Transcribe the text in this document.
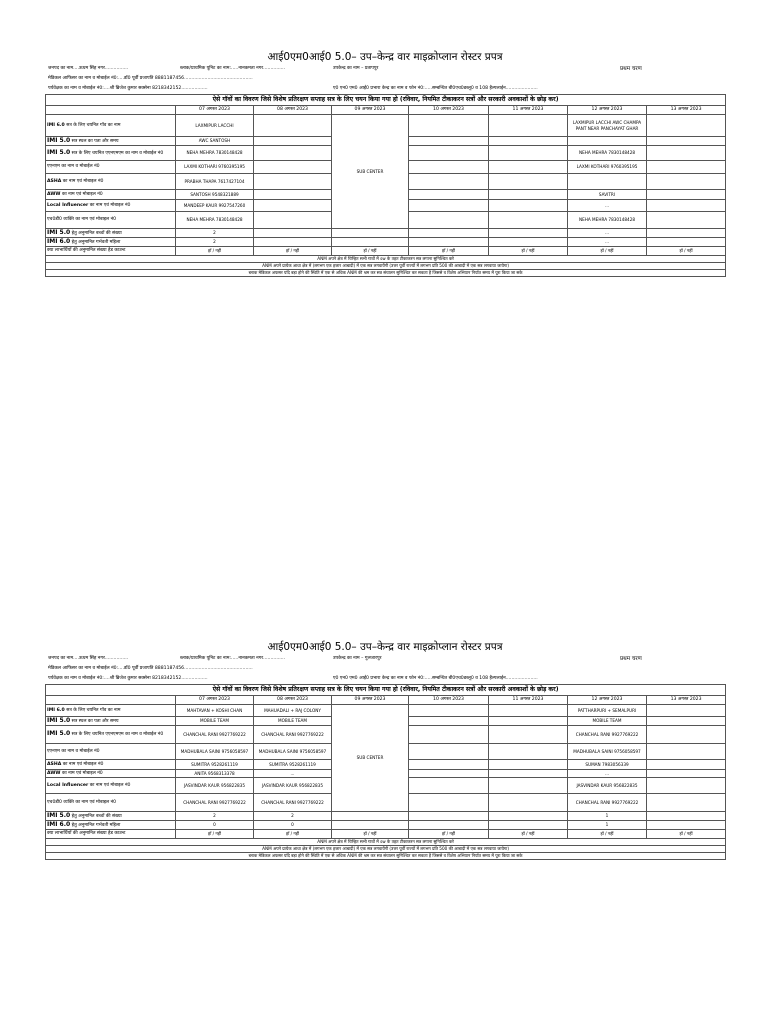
आई0एम0आई0 5.0– उप–केन्द्र वार माइक्रोप्लान रोस्टर प्रपत्र
जनपद का नाम....ऊधम सिंह नगर................	ब्लाक/प्राथमिक यूनिट का नाम:.....नानकमता नगर...............	उपकेन्द्र का नाम – प्रतापपुर	प्रथम चरण
मेडिकल आफिसर का नाम व मोबाईल नं0:....डॉ0 पूर्वी प्रजापति 8881187456...............................................
पर्यवेक्षक का नाम व मोबाईल नं0:....श्री ब्रिजेश कुमार सक्सेना 8218342152..................	ए0 एन0 एम0 आई0 प्रभारा केन्द्र का नाम व फोन नं0:.....सम्बन्धित बी0एच0डब्लू0 व 108 हैल्पलाईन......................
ऐसे गॉवों का विवरण जिसे विशेष प्रतिरक्षण सप्ताह सत्र के लिए चयन किया गया हो (रविवार, नियमित टीकाकरन सत्रों और सरकारी अवकाशों के छोड़ कर)							
	07 अगस्त 2023	08 अगस्त 2023	09 अगस्त 2023	10 अगस्त 2023	11 अगस्त 2023	12 अगस्त 2023	13 अगस्त 2023
IMI 6.0 सत्र के लिए चयनित गॉव का नाम	LAXMIPUR LACCHI		SUB CENTER			LAXMIPUR LACCHI AWC CHAMPA PANT NEAR PANCHAYAT GHAR	
IMI 5.0 सत्र स्थल का पता और समय	AWC SANTOSH						
IMI 5.0 सत्र के लिए चयनित एएनएमएम का नाम व मोबाईल नं0	NEHA MEHRA 7830148428					NEHA MEHRA 7830148428	
एएनएम का नाम व मोबाईल नं0	LAXMI KOTHARI 9760395195					LAXMI KOTHARI 9760395195	
ASHA का नाम एवं मोबाइल नं0	PRABHA THAPA 7617427104						
AWW का नाम एवं मोबाइल नं0	SANTOSH 9548321889					SAVITRI	
Local Influencer का नाम एवं मोबाइल नं0	MANDEEP KAUR 9927547260					...	
एच0डी0 व्यक्ति का नाम एवं मोबाइल नं0	NEHA MEHRA 7830148428					NEHA MEHRA 7830148428	
IMI 5.0 हेतु अनुमानित बच्चों की संख्या	2					...	
IMI 6.0 हेतु अनुमानित गर्भवती महिला	2					...	
क्या लाभार्थियों की अनुमानित संख्या हेड काउन्ट	हॉ / नहीं	हॉ / नहीं	हॉ / नहीं	हॉ / नहीं	हॉ / नहीं	हॉ / नहीं	हॉ / नहीं
ANM अपने क्षेत्र में चिन्हित सभी गावों में sw के तहत टीकाकरन सत्र लगाना सुनिश्चित करे							
ANM अपने प्रत्येक आधा क्षेत्र में (लगभग एक हजार आबादी) में एक सत्र लगवायेंगी (उत्तर पूर्वी राज्यों में लगभग प्रति 500 की आबादी में एक सत्र लगवाया जायेगा)							
ब्लाक मेडिकल अफसर यदि बड़ा होने की स्थिति में एक से अधिक ANM की भ्रम कर सत्र संचालन सुनिश्चित कर सकता है जिससे व विशेष अभियान निर्यात समय में पूरा किया जा सके							
आई0एम0आई0 5.0– उप–केन्द्र वार माइक्रोप्लान रोस्टर प्रपत्र
जनपद का नाम....ऊधम सिंह नगर................	ब्लाक/प्राथमिक यूनिट का नाम:.....नानकमता नगर...............	उपकेन्द्र का नाम – गुलजारपुर	प्रथम चरण
मेडिकल आफिसर का नाम व मोबाईल नं0:....डॉ0 पूर्वी प्रजापति 8881187456...............................................
पर्यवेक्षक का नाम व मोबाईल नं0:....श्री ब्रिजेश कुमार सक्सेना 8218342152..................	ए0 एन0 एम0 आई0 प्रभारा केन्द्र का नाम व फोन नं0:.....सम्बन्धित बी0एच0डब्लू0 व 108 हैल्पलाईन......................
ऐसे गॉवों का विवरण जिसे विशेष प्रतिरक्षण सप्ताह सत्र के लिए चयन किया गया हो (रविवार, नियमित टीकाकरन सत्रों और सरकारी अवकाशों के छोड़ कर)							
	07 अगस्त 2023	08 अगस्त 2023	09 अगस्त 2023	10 अगस्त 2023	11 अगस्त 2023	12 अगस्त 2023	13 अगस्त 2023
IMI 6.0 सत्र के लिए चयनित गॉव का नाम	MAHTAVAN + KOSHI CHAN	MAHUADALI + RAJ COLONY	SUB CENTER			PATTHARPURI + SEMALPURI	
IMI 5.0 सत्र स्थल का पता और समय	MOBILE TEAM	MOBILE TEAM				MOBILE TEAM	
IMI 5.0 सत्र के लिए चयनित एएनएमएम का नाम व मोबाईल नं0	CHANCHAL RANI 9927769222	CHANCHAL RANI 9927769222				CHANCHAL RANI 9927769222	
एएनएम का नाम व मोबाईल नं0	MADHUBALA SAINI 9756058597	MADHUBALA SAINI 9756058597				MADHUBALA SAINI 9756058597	
ASHA का नाम एवं मोबाइल नं0	SUMITRA 9528261119	SUMITRA 9528261119				SUMAN 7983056339	
AWW का नाम एवं मोबाइल नं0	ANITA 9568313378	...				...	
Local Influencer का नाम एवं मोबाइल नं0	JASVINDAR KAUR 956822835	JASVINDAR KAUR 956822835				JASVINDAR KAUR 956822835	
एच0डी0 व्यक्ति का नाम एवं मोबाइल नं0	CHANCHAL RANI 9927769222	CHANCHAL RANI 9927769222				CHANCHAL RANI 9927769222	
IMI 5.0 हेतु अनुमानित बच्चों की संख्या	2	2				1	
IMI 6.0 हेतु अनुमानित गर्भवती महिला	0	0				1	
क्या लाभार्थियों की अनुमानित संख्या हेड काउन्ट	हॉ / नहीं	हॉ / नहीं	हॉ / नहीं	हॉ / नहीं	हॉ / नहीं	हॉ / नहीं	हॉ / नहीं
ANM अपने क्षेत्र में चिन्हित सभी गावों में sw के तहत टीकाकरन सत्र लगाना सुनिश्चित करे							
ANM अपने प्रत्येक आधा क्षेत्र में (लगभग एक हजार आबादी) में एक सत्र लगवायेंगी (उत्तर पूर्वी राज्यों में लगभग प्रति 500 की आबादी में एक सत्र लगवाया जायेगा)							
ब्लाक मेडिकल अफसर यदि बड़ा होने की स्थिति में एक से अधिक ANM की भ्रम कर सत्र संचालन सुनिश्चित कर सकता है जिससे व विशेष अभियान निर्यात समय में पूरा किया जा सके							
